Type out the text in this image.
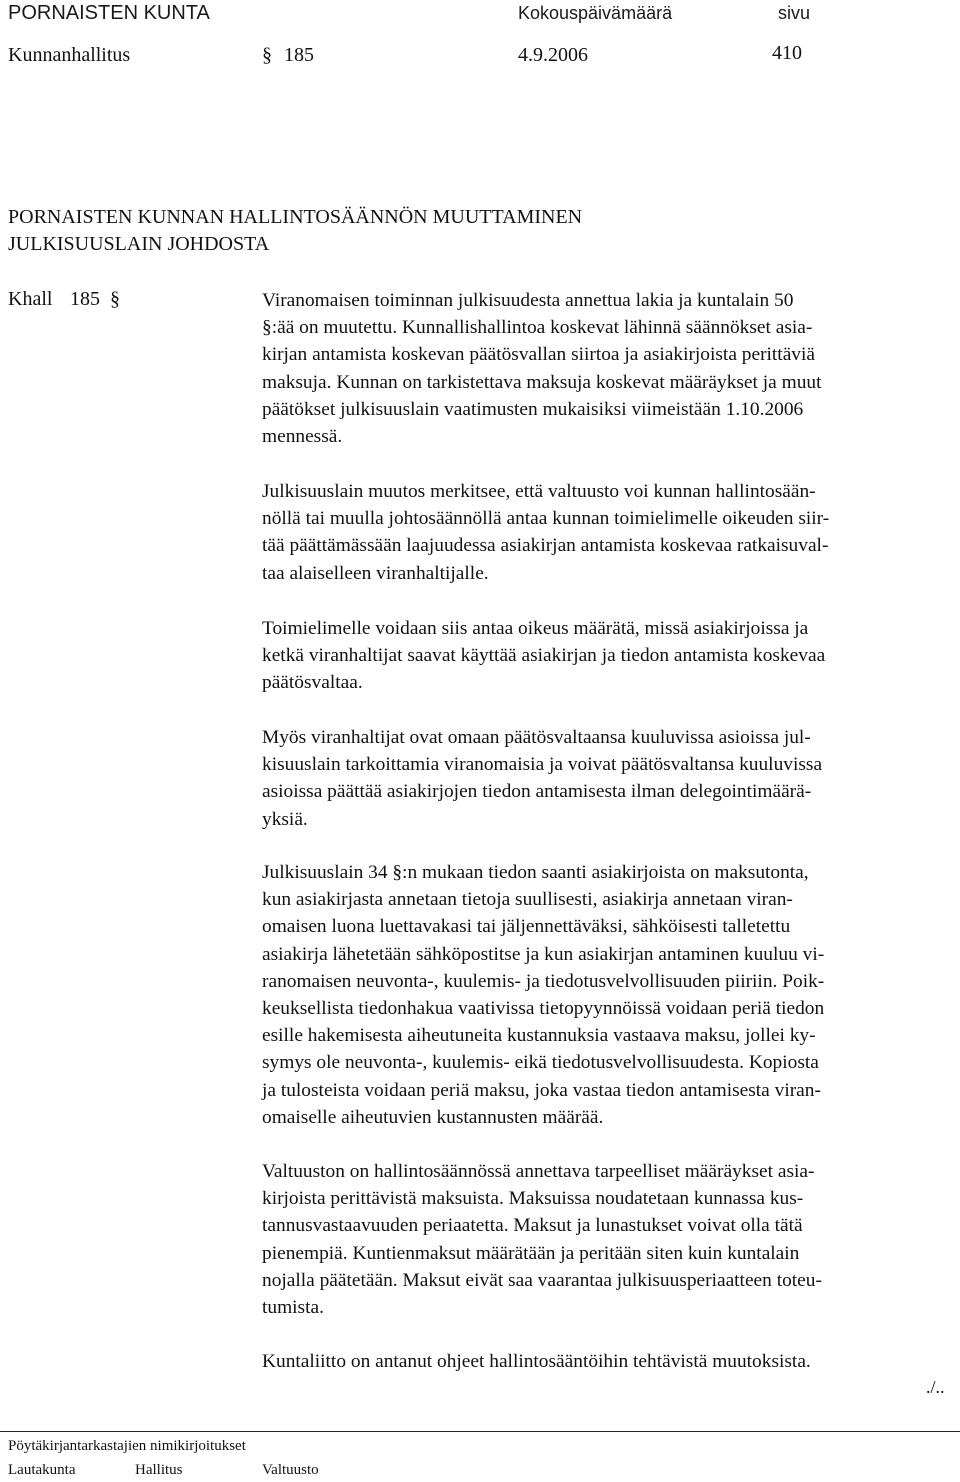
PORNAISTEN KUNTA	Kokouspäivämäärä	sivu
Kunnanhallitus	§ 185	4.9.2006	410
PORNAISTEN KUNNAN HALLINTOSÄÄNNÖN MUUTTAMINEN
JULKISUUSLAIN JOHDOSTA
Khall 185 §	Viranomaisen toiminnan julkisuudesta annettua lakia ja kuntalain 50
§:ää on muutettu. Kunnallishallintoa koskevat lähinnä säännökset asia-
kirjan antamista koskevan päätösvallan siirtoa ja asiakirjoista perittäviä
maksuja. Kunnan on tarkistettava maksuja koskevat määräykset ja muut
päätökset julkisuuslain vaatimusten mukaisiksi viimeistään 1.10.2006
mennessä.
Julkisuuslain muutos merkitsee, että valtuusto voi kunnan hallintosään-
nöllä tai muulla johtosäännöllä antaa kunnan toimielimelle oikeuden siir-
tää päättämässään laajuudessa asiakirjan antamista koskevaa ratkaisuval-
taa alaiselleen viranhaltijalle.
Toimielimelle voidaan siis antaa oikeus määrätä, missä asiakirjoissa ja
ketkä viranhaltijat saavat käyttää asiakirjan ja tiedon antamista koskevaa
päätösvaltaa.
Myös viranhaltijat ovat omaan päätösvaltaansa kuuluvissa asioissa jul-
kisuuslain tarkoittamia viranomaisia ja voivat päätösvaltansa kuuluvissa
asioissa päättää asiakirjojen tiedon antamisesta ilman delegointimäärä-
yksiä.
Julkisuuslain 34 §:n mukaan tiedon saanti asiakirjoista on maksutonta,
kun asiakirjasta annetaan tietoja suullisesti, asiakirja annetaan viran-
omaisen luona luettavakasi tai jäljennettäväksi, sähköisesti talletettu
asiakirja lähetetään sähköpostitse ja kun asiakirjan antaminen kuuluu vi-
ranomaisen neuvonta-, kuulemis- ja tiedotusvelvollisuuden piiriin. Poik-
keuksellista tiedonhakua vaativissa tietopyynnöissä voidaan periä tiedon
esille hakemisesta aiheutuneita kustannuksia vastaava maksu, jollei ky-
symys ole neuvonta-, kuulemis- eikä tiedotusvelvollisuudesta. Kopiosta
ja tulosteista voidaan periä maksu, joka vastaa tiedon antamisesta viran-
omaiselle aiheutuvien kustannusten määrää.
Valtuuston on hallintosäännössä annettava tarpeelliset määräykset asia-
kirjoista perittävistä maksuista. Maksuissa noudatetaan kunnassa kus-
tannusvastaavuuden periaatetta. Maksut ja lunastukset voivat olla tätä
pienempiä. Kuntienmaksut määrätään ja peritään siten kuin kuntalain
nojalla päätetään. Maksut eivät saa vaarantaa julkisuusperiaatteen toteu-
tumista.
Kuntaliitto on antanut ohjeet hallintosääntöihin tehtävistä muutoksista.
./..
Pöytäkirjantarkastajien nimikirjoitukset
Lautakunta	Hallitus	Valtuusto
